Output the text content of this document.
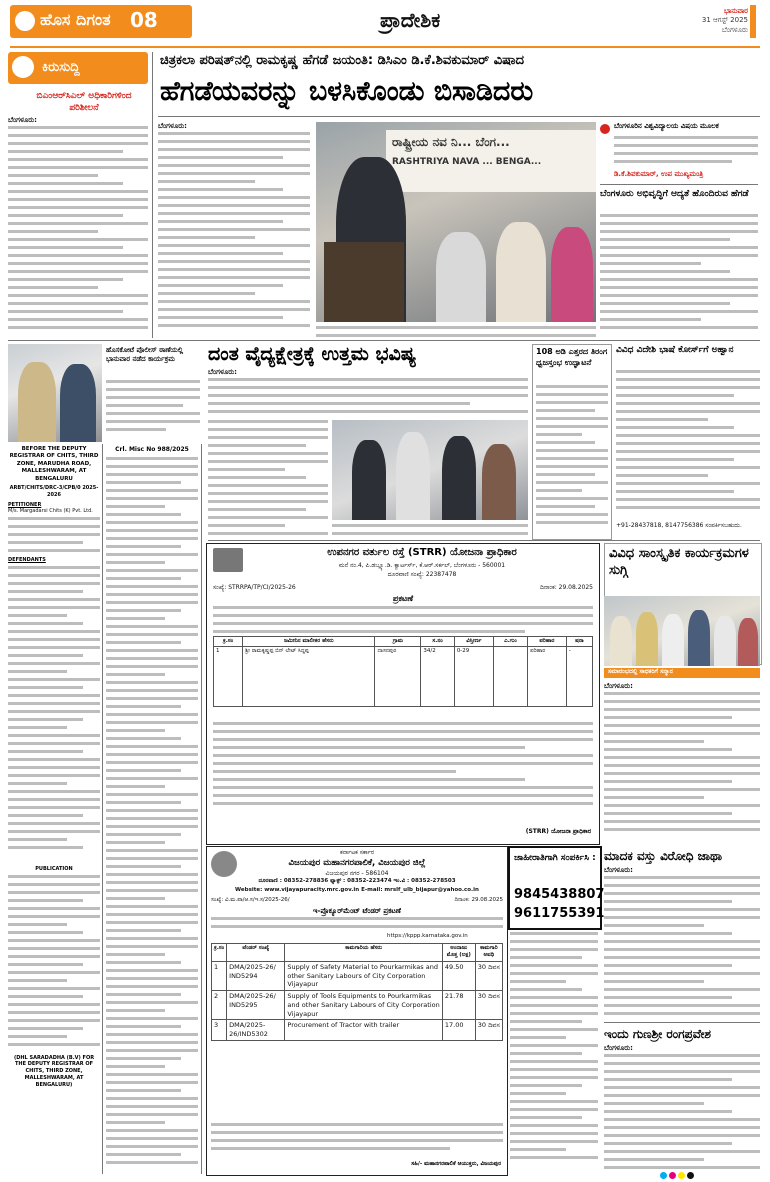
ಹೊಸ ದಿಗಂತ 08	ಪ್ರಾದೇಶಿಕ	ಭಾನುವಾರ
31 ಆಗಸ್ಟ್ 2025
ಬೆಂಗಳೂರು
ಕಿರುಸುದ್ದಿ
ಬಿಎಂಆರ್‌ಸಿಎಲ್ ಅಧಿಕಾರಿಗಳಿಂದ ಪರಿಶೀಲನೆ
ಬೆಂಗಳೂರು:
ಚಿತ್ರಕಲಾ ಪರಿಷತ್‌ನಲ್ಲಿ ರಾಮಕೃಷ್ಣ ಹೆಗಡೆ ಜಯಂತಿ: ಡಿಸಿಎಂ ಡಿ.ಕೆ.ಶಿವಕುಮಾರ್ ವಿಷಾದ
ಹೆಗಡೆಯವರನ್ನು ಬಳಸಿಕೊಂಡು ಬಿಸಾಡಿದರು
ಬೆಂಗಳೂರು:
ರಾಷ್ಟ್ರೀಯ ನವ ನಿ... ಬೆಂಗ...
RASHTRIYA NAVA ... BENGA...
ಬೆಂಗಳೂರಿನ ವಿಶ್ವವಿದ್ಯಾಲಯ ವಿಷಯ ಮೂಲಕ
ಡಿ.ಕೆ.ಶಿವಕುಮಾರ್, ಉಪ ಮುಖ್ಯಮಂತ್ರಿ
ಬೆಂಗಳೂರು ಅಭಿವೃದ್ಧಿಗೆ ಆದ್ಯತೆ ಹೊಂದಿರುವ ಹೆಗಡೆ
ಹೊಸಕೋಟೆ ಪೊಲೀಸ್ ಠಾಣೆಯಲ್ಲಿ ಭಾನುವಾರ ನಡೆದ ಕಾರ್ಯಕ್ರಮ	ದಂತ ವೈದ್ಯಕ್ಷೇತ್ರಕ್ಕೆ ಉತ್ತಮ ಭವಿಷ್ಯ
ಬೆಂಗಳೂರು:
108 ಅಡಿ ಎತ್ತರದ ತಿರಂಗ ಧ್ವಜಸ್ತಂಭ ಉದ್ಘಾಟನೆ
ವಿವಿಧ ವಿದೇಶಿ ಭಾಷೆ ಕೋರ್ಸ್‌ಗೆ ಅಹ್ವಾನ
+91-28437818, 8147756386 ಸಂಪರ್ಕಿಸಬಹುದು.
BEFORE THE DEPUTY REGISTRAR OF CHITS, THIRD ZONE, MARUDHA ROAD, MALLESHWARAM, AT BENGALURU
ARBT/CHITS/DRC-3/CPB/0 2025-2026
PETITIONER
M/s. Margadarsi Chits (K) Pvt. Ltd.
DEFENDANTS
PUBLICATION
(DHL SARADADHA (B.V) FOR THE DEPUTY REGISTRAR OF CHITS, THIRD ZONE, MALLESHWARAM, AT BENGALURU)
Crl. Misc No 988/2025
ಉಪನಗರ ವರ್ತುಲ ರಸ್ತೆ (STRR) ಯೋಜನಾ ಪ್ರಾಧಿಕಾರ
ಮನೆ ನಂ.4, ಪಿ.ಡಬ್ಲ್ಯೂ.ಡಿ. ಕ್ವಾರ್ಟರ್ಸ್, ಕೆ.ಆರ್.ಸರ್ಕಲ್, ಬೆಂಗಳೂರು - 560001
ದೂರವಾಣಿ ಸಂಖ್ಯೆ: 22387478
ಸಂಖ್ಯೆ: STRRPA/TP/CI/2025-26	ದಿನಾಂಕ: 29.08.2025
ಪ್ರಕಟಣೆ
ಕ್ರ.ಸಂ	ಜಮೀನಿನ ಮಾಲೀಕರ ಹೆಸರು	ಗ್ರಾಮ	ಸ.ನಂ	ವಿಸ್ತೀರ್ಣ	ಎ.ಗುಂ	ಪರಿಹಾರ	ಷರಾ
1	ಶ್ರೀ ರಾಮಕೃಷ್ಣಪ್ಪ ಬಿನ್ ಲೇಟ್ ಸಿದ್ದಪ್ಪ	ದಾಸನಪುರ	34/2	0-29		ಪರಿಹಾರ	-
(STRR) ಯೋಜನಾ ಪ್ರಾಧಿಕಾರ
ವಿವಿಧ ಸಾಂಸ್ಕೃತಿಕ ಕಾರ್ಯಕ್ರಮಗಳ ಸುಗ್ಗಿ
ಸಮಾರಂಭದಲ್ಲಿ ಸಾಧಕರಿಗೆ ಸನ್ಮಾನ
ಬೆಂಗಳೂರು:
ಕರ್ನಾಟಕ ಸರ್ಕಾರ
ವಿಜಯಪುರ ಮಹಾನಗರಪಾಲಿಕೆ, ವಿಜಯಪುರ ಜಿಲ್ಲೆ
ವಿಜಯಪುರ ನಗರ - 586104
ದೂರವಾಣಿ : 08352-278836 ಫ್ಯಾಕ್ಸ್ : 08352-223474 ಇಂ.ವಿ : 08352-278503
Website: www.vijayapuracity.mrc.gov.in E-mail: mrslf_ulb_bijapur@yahoo.co.in
ಸಂಖ್ಯೆ: ವಿ.ಮ.ಪಾ/ಆ.ಸ/ಇ.ಸ/2025-26/	ದಿನಾಂಕ: 29.08.2025
ಇ-ಪ್ರೊಕ್ಯೂರ್‌ಮೆಂಟ್ ಟೆಂಡರ್ ಪ್ರಕಟಣೆ
https://kppp.karnataka.gov.in
ಕ್ರ.ಸಂ	ಟೆಂಡರ್ ಸಂಖ್ಯೆ	ಕಾಮಗಾರಿಯ ಹೆಸರು	ಅಂದಾಜು ಮೊತ್ತ (ಲಕ್ಷ)	ಕಾಮಗಾರಿ ಅವಧಿ
1	DMA/2025-26/ IND5294	Supply of Safety Material to Pourkarmikas and other Sanitary Labours of City Corporation Vijayapur	49.50	30 ದಿವಸ
2	DMA/2025-26/ IND5295	Supply of Tools Equipments to Pourkarmikas and other Sanitary Labours of City Corporation Vijayapur	21.78	30 ದಿವಸ
3	DMA/2025-26/IND5302	Procurement of Tractor with trailer	17.00	30 ದಿವಸ
ಸಹಿ/- ಮಹಾನಗರಪಾಲಿಕೆ ಆಯುಕ್ತರು, ವಿಜಯಪುರ
ಜಾಹೀರಾತಿಗಾಗಿ ಸಂಪರ್ಕಿಸಿ :
9845438807
9611755391
ಮಾದಕ ವಸ್ತು ವಿರೋಧಿ ಜಾಥಾ
ಬೆಂಗಳೂರು:
ಇಂದು ಗುಣಶ್ರೀ ರಂಗಪ್ರವೇಶ
ಬೆಂಗಳೂರು:
